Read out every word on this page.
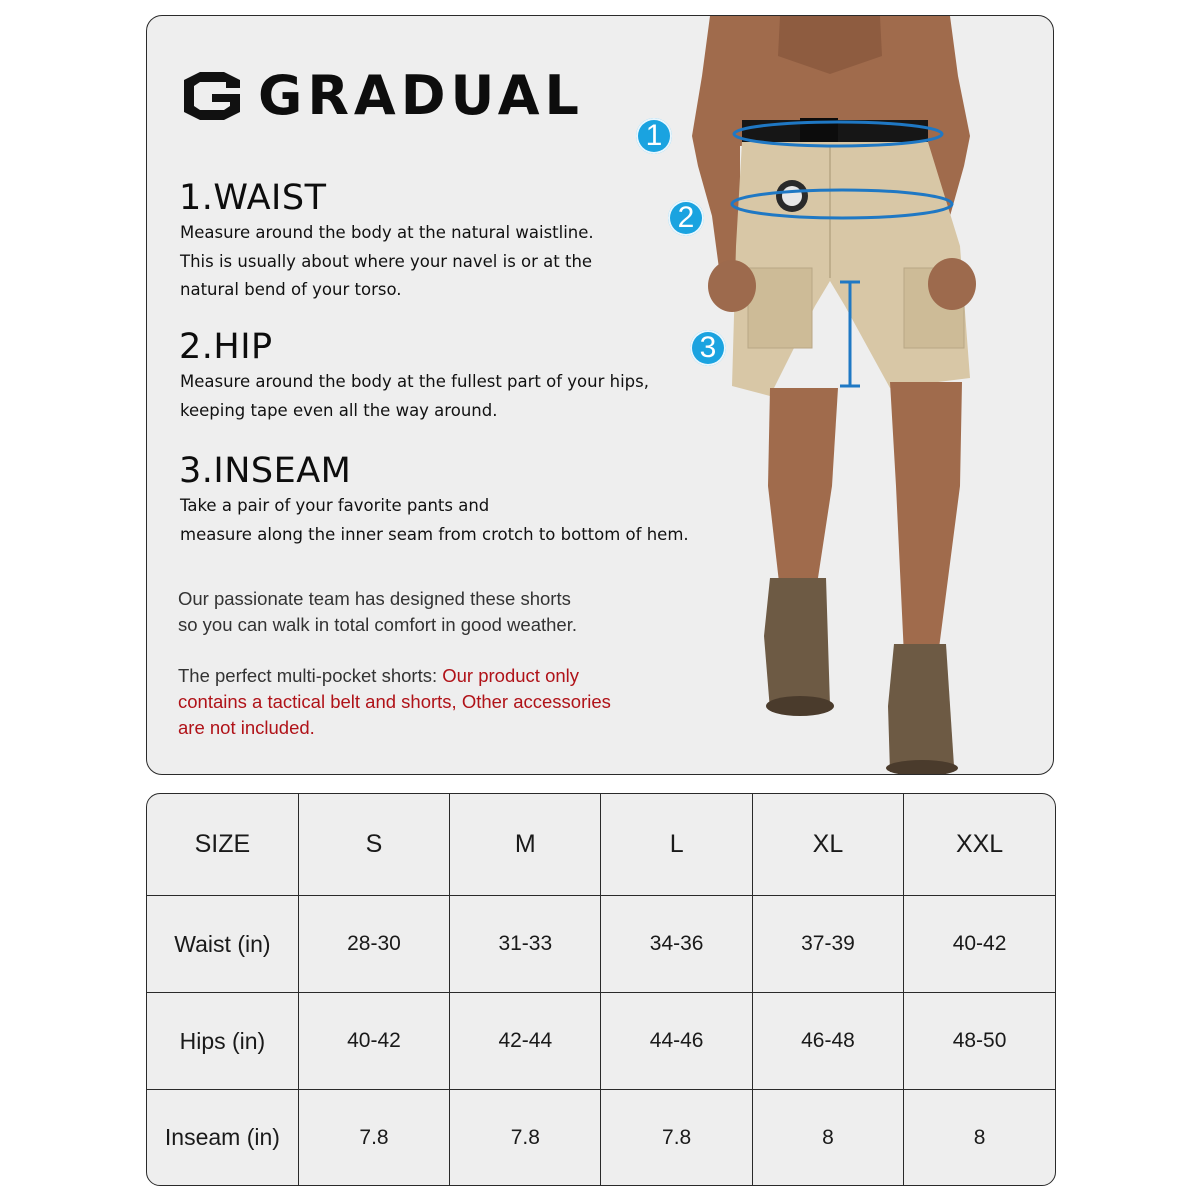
GRADUAL
1.WAIST
Measure around the body at the natural waistline.
This is usually about where your navel is or at the
natural bend of your torso.
2.HIP
Measure around the body at the fullest part of your hips,
keeping tape even all the way around.
3.INSEAM
Take a pair of your favorite pants and
measure along the inner seam from crotch to bottom of hem.
Our passionate team has designed these shorts
so you can walk in total comfort in good weather.
The perfect multi-pocket shorts: Our product only
contains a tactical belt and shorts, Other accessories
are not included.
1
2
3
SIZE	S	M	L	XL	XXL
Waist (in)	28-30	31-33	34-36	37-39	40-42
Hips (in)	40-42	42-44	44-46	46-48	48-50
Inseam (in)	7.8	7.8	7.8	8	8
